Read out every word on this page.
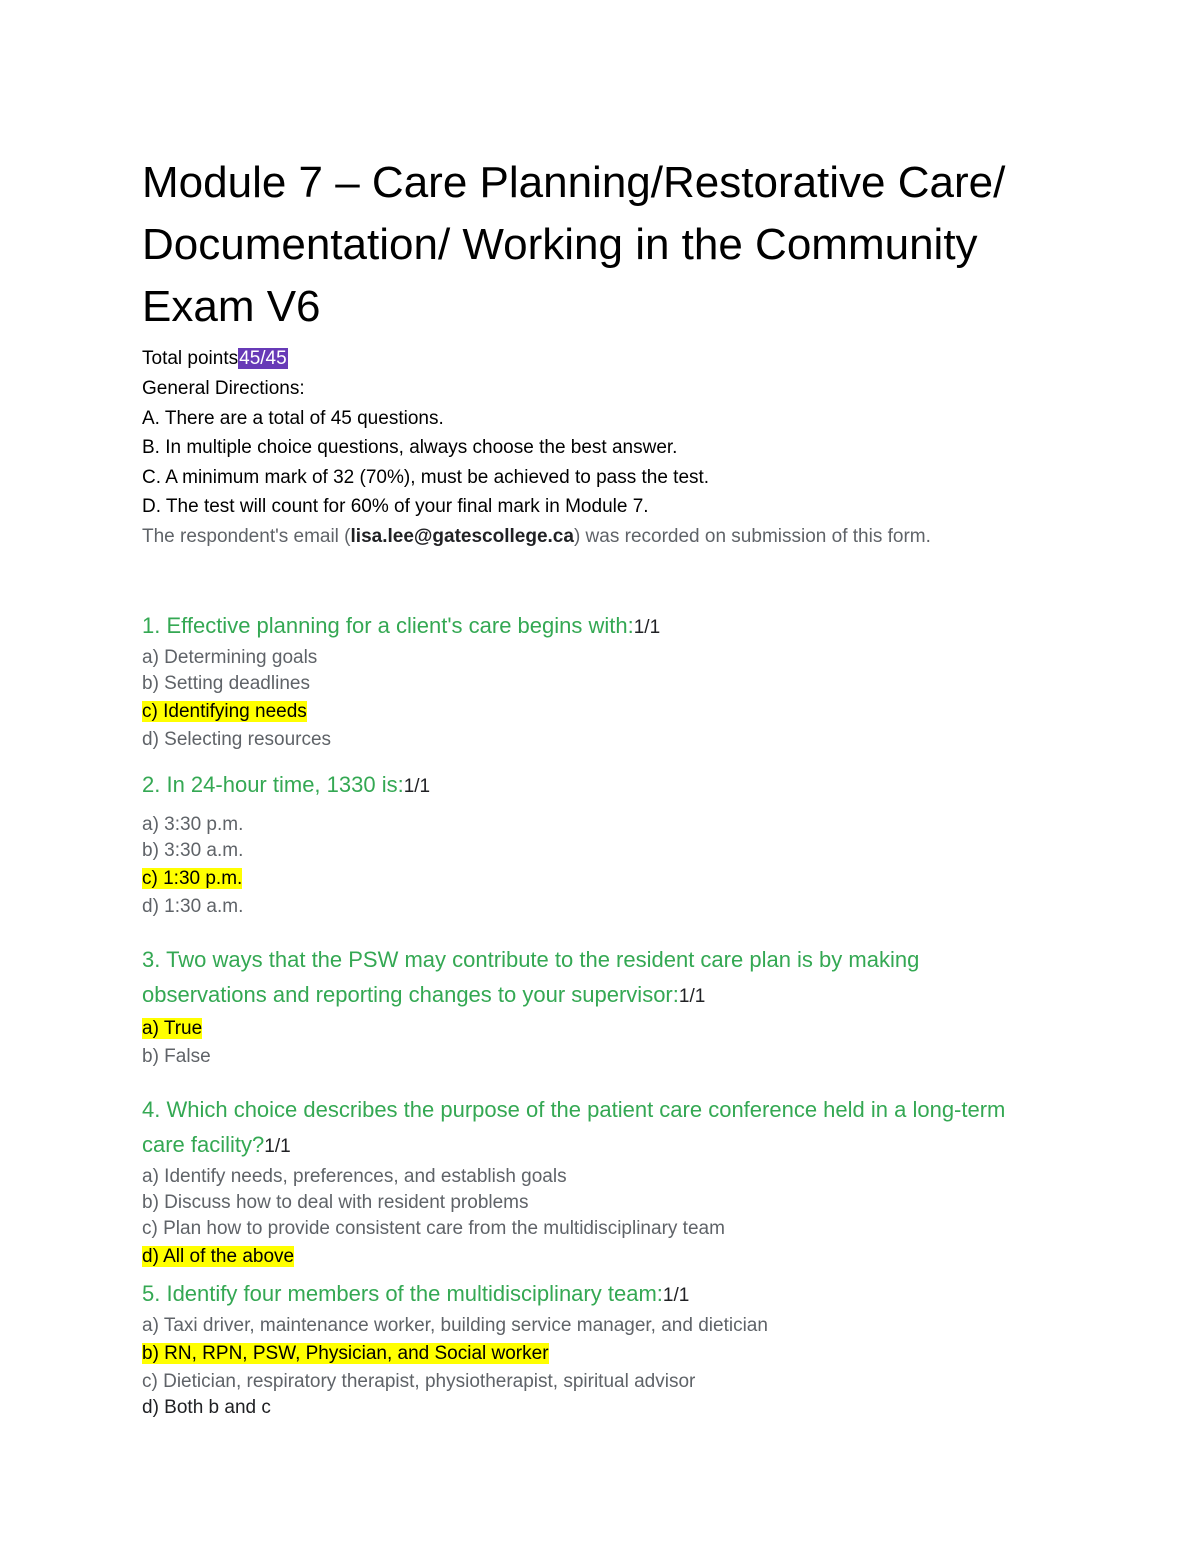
Module 7 – Care Planning/Restorative Care/ Documentation/ Working in the Community Exam V6
Total points45/45

General Directions:

A. There are a total of 45 questions.

B. In multiple choice questions, always choose the best answer.

C. A minimum mark of 32 (70%), must be achieved to pass the test.

D. The test will count for 60% of your final mark in Module 7.

The respondent's email (lisa.lee@gatescollege.ca) was recorded on submission of this form.
1. Effective planning for a client's care begins with:1/1
a) Determining goals
b) Setting deadlines
c) Identifying needs
d) Selecting resources
2. In 24-hour time, 1330 is:1/1
a) 3:30 p.m.
b) 3:30 a.m.
c) 1:30 p.m.
d) 1:30 a.m.
3. Two ways that the PSW may contribute to the resident care plan is by making observations and reporting changes to your supervisor:1/1
a) True
b) False
4. Which choice describes the purpose of the patient care conference held in a long-term care facility?1/1
a) Identify needs, preferences, and establish goals
b) Discuss how to deal with resident problems
c) Plan how to provide consistent care from the multidisciplinary team
d) All of the above
5. Identify four members of the multidisciplinary team:1/1
a) Taxi driver, maintenance worker, building service manager, and dietician
b) RN, RPN, PSW, Physician, and Social worker
c) Dietician, respiratory therapist, physiotherapist, spiritual advisor
d) Both b and c
